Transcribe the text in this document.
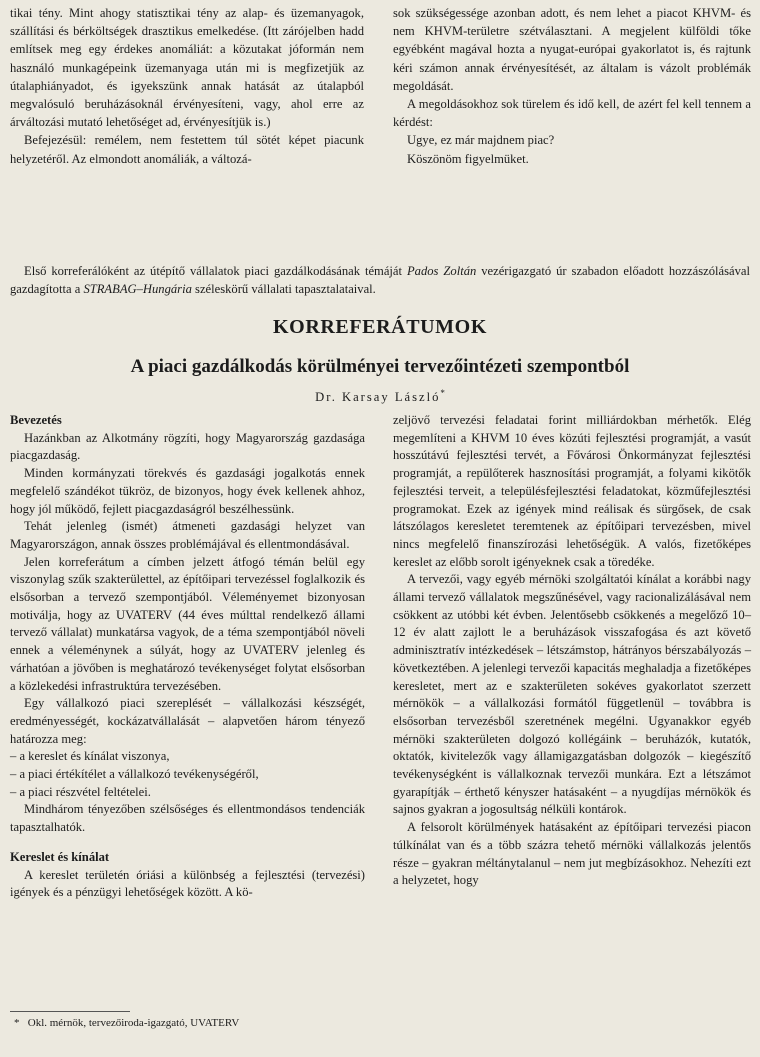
tikai tény. Mint ahogy statisztikai tény az alap- és üzemanyagok, szállítási és bérköltségek drasztikus emelkedése. (Itt zárójelben hadd említsek meg egy érdekes anomáliát: a közutakat jóformán nem használó munkagépeink üzemanyaga után mi is megfizetjük az útalaphiányadot, és igyekszünk annak hatását az útalapból megvalósuló beruházásoknál érvényesíteni, vagy, ahol erre az árváltozási mutató lehetőséget ad, érvényesítjük is.)

Befejezésül: remélem, nem festettem túl sötét képet piacunk helyzetéről. Az elmondott anomáliák, a változá-

sok szükségessége azonban adott, és nem lehet a piacot KHVM- és nem KHVM-területre szétválasztani. A megjelent külföldi tőke egyébként magával hozta a nyugat-európai gyakorlatot is, és rajtunk kéri számon annak érvényesítését, az általam is vázolt problémák megoldását.

A megoldásokhoz sok türelem és idő kell, de azért fel kell tennem a kérdést:

Ugye, ez már majdnem piac?

Köszönöm figyelmüket.

Első korreferálóként az útépítő vállalatok piaci gazdálkodásának témáját Pados Zoltán vezérigazgató úr szabadon előadott hozzászólásával gazdagította a STRABAG–Hungária széleskörű vállalati tapasztalataival.
KORREFERÁTUMOK
A piaci gazdálkodás körülményei tervezőintézeti szempontból
Dr. Karsay László*

Bevezetés

Hazánkban az Alkotmány rögzíti, hogy Magyarország gazdasága piacgazdaság.

Minden kormányzati törekvés és gazdasági jogalkotás ennek megfelelő szándékot tükröz, de bizonyos, hogy évek kellenek ahhoz, hogy jól működő, fejlett piacgazdaságról beszélhessünk.

Tehát jelenleg (ismét) átmeneti gazdasági helyzet van Magyarországon, annak összes problémájával és ellentmondásával.

Jelen korreferátum a címben jelzett átfogó témán belül egy viszonylag szűk szakterülettel, az építőipari tervezéssel foglalkozik és elsősorban a tervező szempontjából. Véleményemet bizonyosan motiválja, hogy az UVATERV (44 éves múlttal rendelkező állami tervező vállalat) munkatársa vagyok, de a téma szempontjából növeli ennek a véleménynek a súlyát, hogy az UVATERV jelenleg és várhatóan a jövőben is meghatározó tevékenységet folytat elsősorban a közlekedési infrastruktúra tervezésében.

Egy vállalkozó piaci szereplését – vállalkozási készségét, eredményességét, kockázatvállalását – alapvetően három tényező határozza meg:

– a kereslet és kínálat viszonya,

– a piaci értékítélet a vállalkozó tevékenységéről,

– a piaci részvétel feltételei.

Mindhárom tényezőben szélsőséges és ellentmondásos tendenciák tapasztalhatók.

Kereslet és kínálat

A kereslet területén óriási a különbség a fejlesztési (tervezési) igények és a pénzügyi lehetőségek között. A kö-

zeljövő tervezési feladatai forint milliárdokban mérhetők. Elég megemlíteni a KHVM 10 éves közúti fejlesztési programját, a vasút hosszútávú fejlesztési tervét, a Fővárosi Önkormányzat fejlesztési programját, a repülőterek hasznosítási programját, a folyami kikötők fejlesztési terveit, a településfejlesztési feladatokat, közműfejlesztési programokat. Ezek az igények mind reálisak és sürgősek, de csak látszólagos keresletet teremtenek az építőipari tervezésben, mivel nincs megfelelő finanszírozási lehetőségük. A valós, fizetőképes kereslet az előbb sorolt igényeknek csak a töredéke.

A tervezői, vagy egyéb mérnöki szolgáltatói kínálat a korábbi nagy állami tervező vállalatok megszűnésével, vagy racionalizálásával nem csökkent az utóbbi két évben. Jelentősebb csökkenés a megelőző 10–12 év alatt zajlott le a beruházások visszafogása és azt követő adminisztratív intézkedések – létszámstop, hátrányos bérszabályozás – következtében. A jelenlegi tervezői kapacitás meghaladja a fizetőképes keresletet, mert az e szakterületen sokéves gyakorlatot szerzett mérnökök – a vállalkozási formától függetlenül – továbbra is elsősorban tervezésből szeretnének megélni. Ugyanakkor egyéb mérnöki szakterületen dolgozó kollégáink – beruházók, kutatók, oktatók, kivitelezők vagy államigazgatásban dolgozók – kiegészítő tevékenységként is vállalkoznak tervezői munkára. Ezt a létszámot gyarapítják – érthető kényszer hatásaként – a nyugdíjas mérnökök és sajnos gyakran a jogosultság nélküli kontárok.

A felsorolt körülmények hatásaként az építőipari tervezési piacon túlkínálat van és a több százra tehető mérnöki vállalkozás jelentős része – gyakran méltánytalanul – nem jut megbízásokhoz. Nehezíti ezt a helyzetet, hogy

* Okl. mérnök, tervezőiroda-igazgató, UVATERV
